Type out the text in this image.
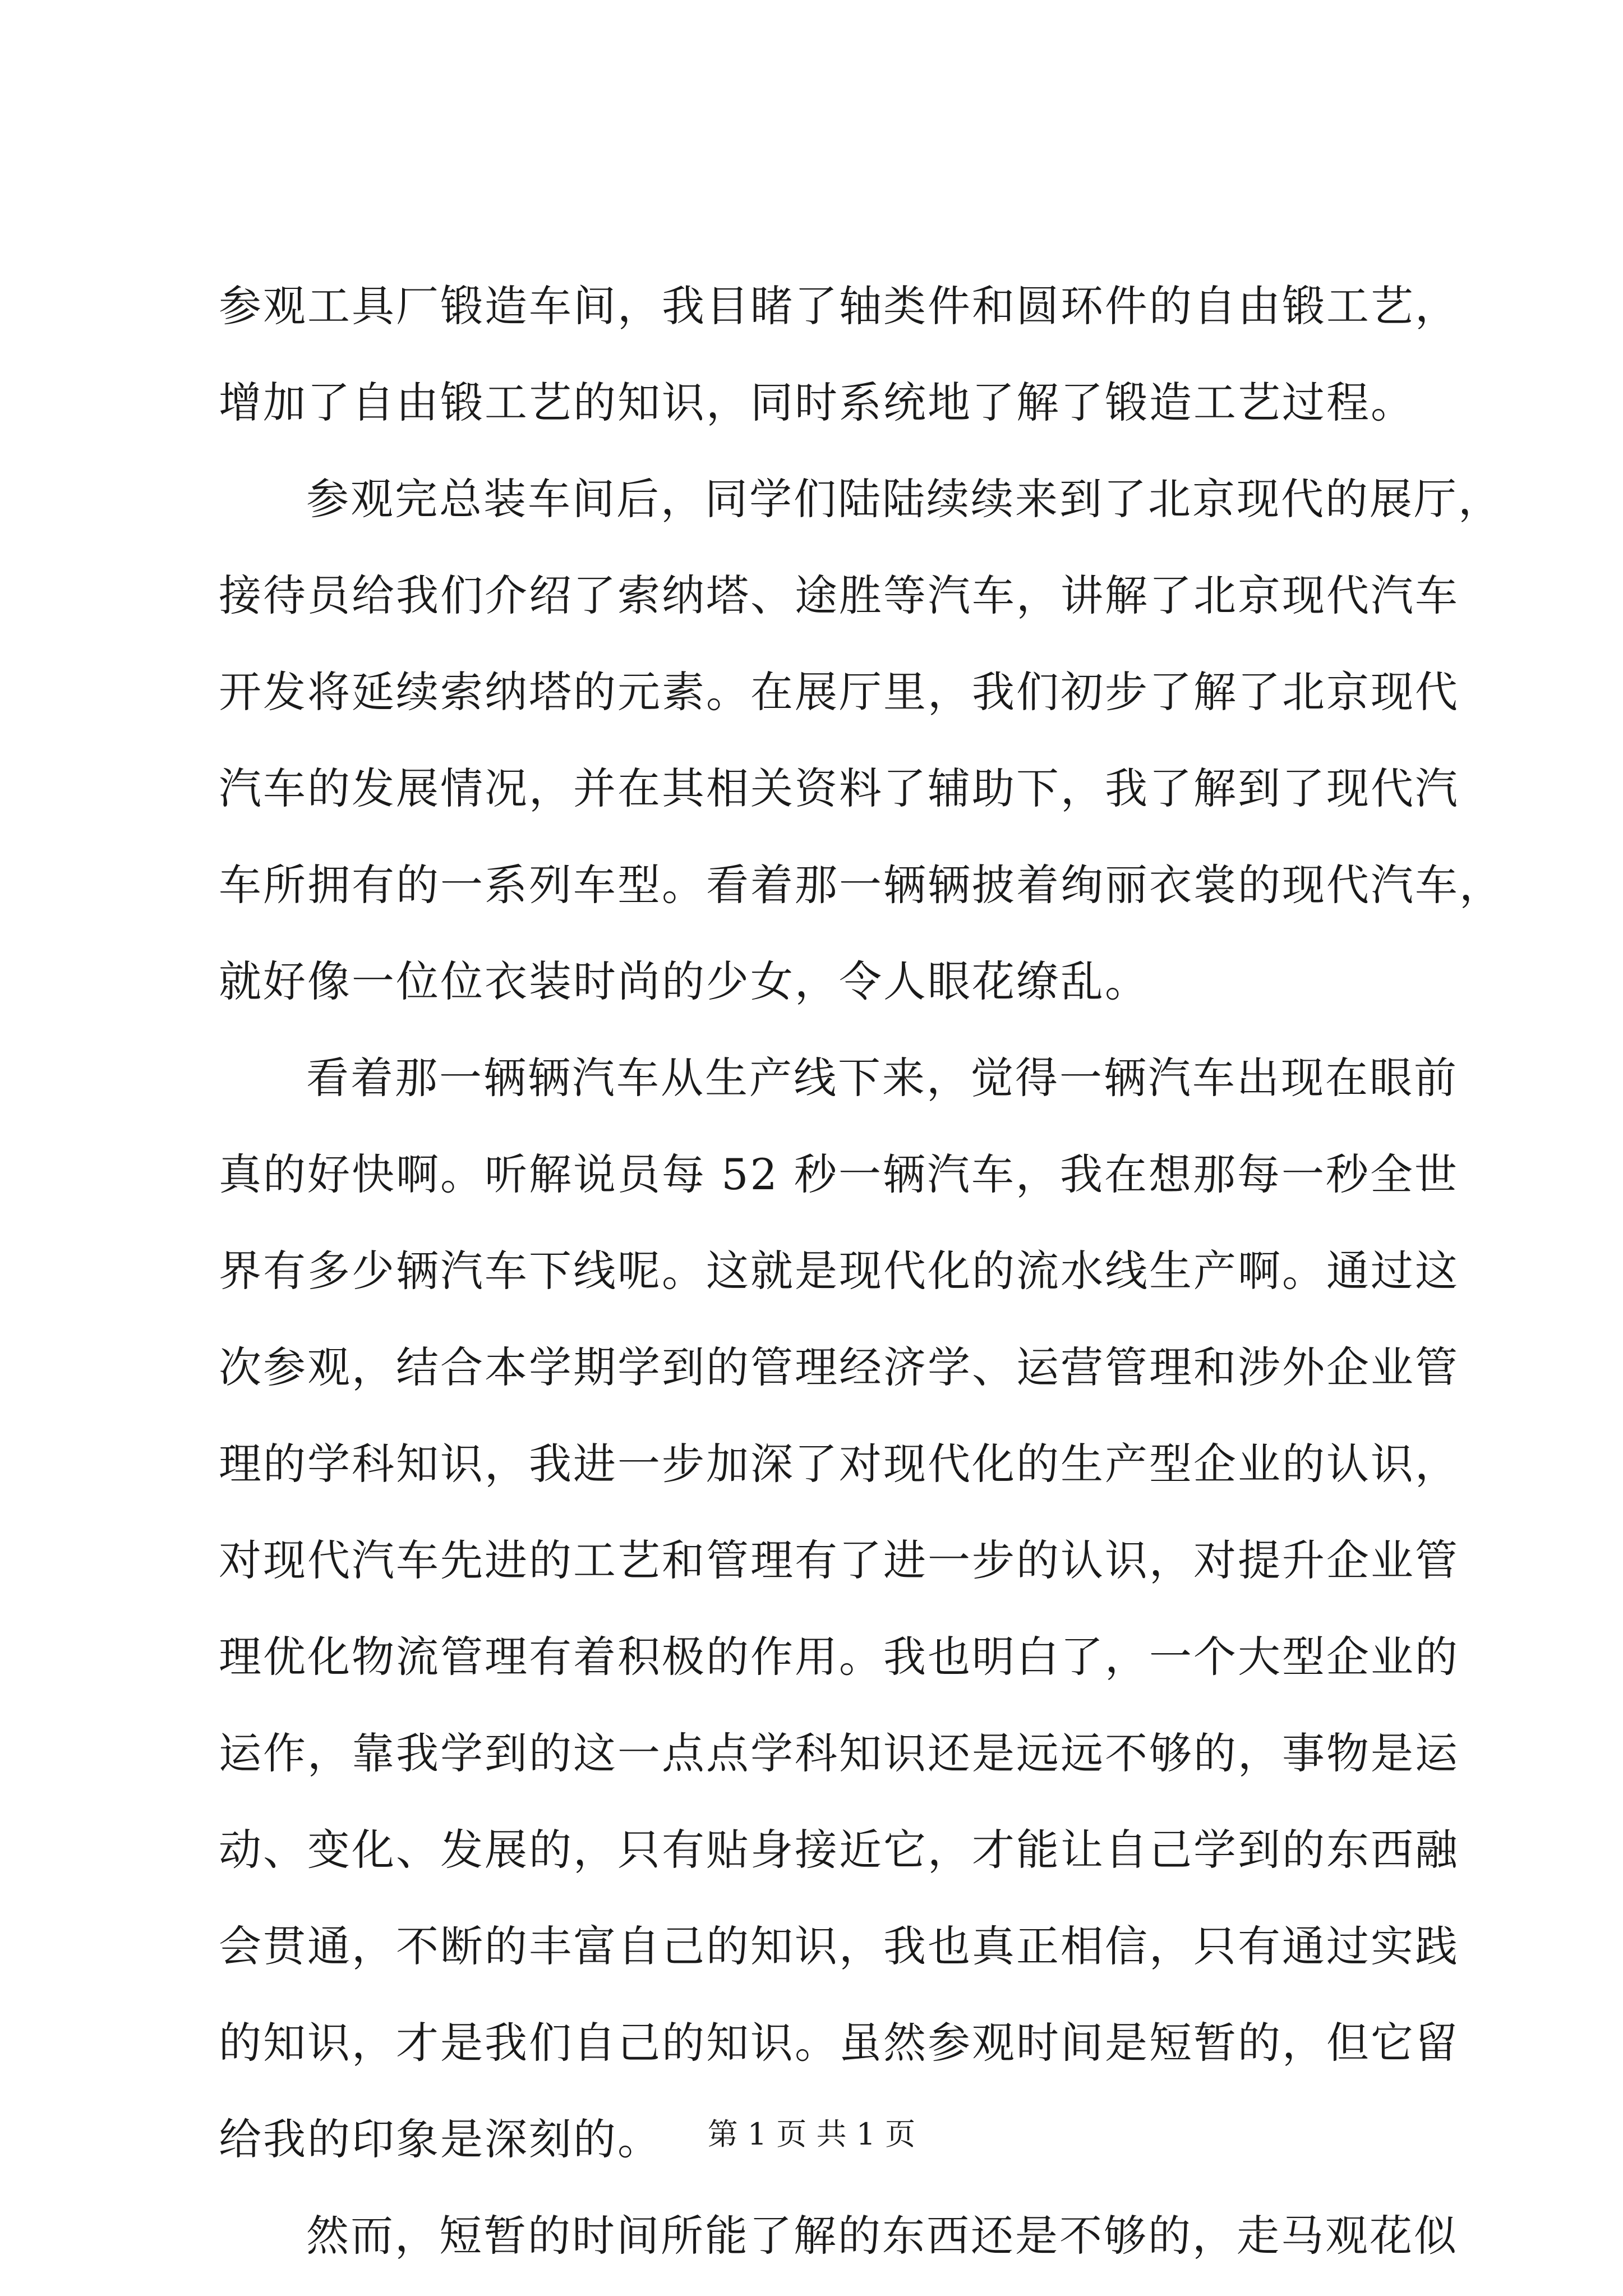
参观工具厂锻造车间，我目睹了轴类件和圆环件的自由锻工艺，
增加了自由锻工艺的知识，同时系统地了解了锻造工艺过程。
参观完总装车间后，同学们陆陆续续来到了北京现代的展厅，
接待员给我们介绍了索纳塔、途胜等汽车，讲解了北京现代汽车
开发将延续索纳塔的元素。在展厅里，我们初步了解了北京现代
汽车的发展情况，并在其相关资料了辅助下，我了解到了现代汽
车所拥有的一系列车型。看着那一辆辆披着绚丽衣裳的现代汽车，
就好像一位位衣装时尚的少女，令人眼花缭乱。
看着那一辆辆汽车从生产线下来，觉得一辆汽车出现在眼前
真的好快啊。听解说员每 52 秒一辆汽车，我在想那每一秒全世
界有多少辆汽车下线呢。这就是现代化的流水线生产啊。通过这
次参观，结合本学期学到的管理经济学、运营管理和涉外企业管
理的学科知识，我进一步加深了对现代化的生产型企业的认识，
对现代汽车先进的工艺和管理有了进一步的认识，对提升企业管
理优化物流管理有着积极的作用。我也明白了，一个大型企业的
运作，靠我学到的这一点点学科知识还是远远不够的，事物是运
动、变化、发展的，只有贴身接近它，才能让自己学到的东西融
会贯通，不断的丰富自己的知识，我也真正相信，只有通过实践
的知识，才是我们自己的知识。虽然参观时间是短暂的，但它留
给我的印象是深刻的。
然而，短暂的时间所能了解的东西还是不够的，走马观花似
第 1 页 共 1 页
